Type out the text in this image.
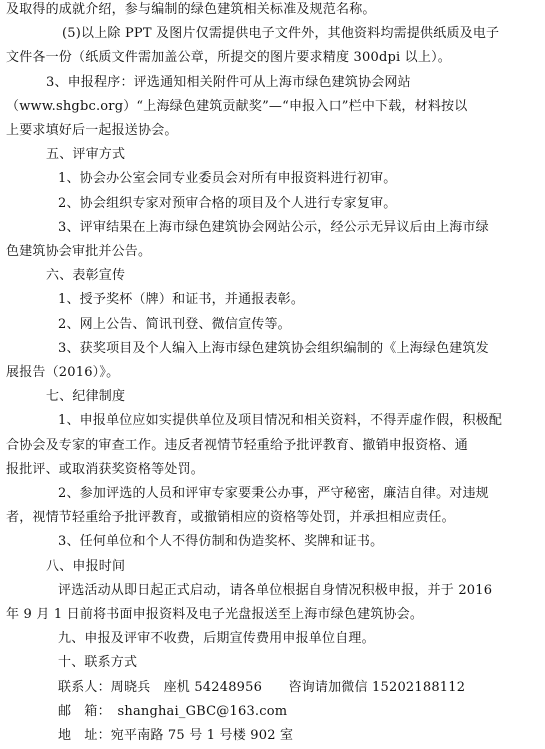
及取得的成就介绍，参与编制的绿色建筑相关标准及规范名称。
(5)以上除 PPT 及图片仅需提供电子文件外，其他资料均需提供纸质及电子
文件各一份（纸质文件需加盖公章，所提交的图片要求精度 300dpi 以上）。
3、申报程序：评选通知相关附件可从上海市绿色建筑协会网站
（www.shgbc.org）“上海绿色建筑贡献奖”—“申报入口”栏中下载，材料按以
上要求填好后一起报送协会。
五、评审方式
1、协会办公室会同专业委员会对所有申报资料进行初审。
2、协会组织专家对预审合格的项目及个人进行专家复审。
3、评审结果在上海市绿色建筑协会网站公示，经公示无异议后由上海市绿
色建筑协会审批并公告。
六、表彰宣传
1、授予奖杯（牌）和证书，并通报表彰。
2、网上公告、简讯刊登、微信宣传等。
3、获奖项目及个人编入上海市绿色建筑协会组织编制的《上海绿色建筑发
展报告（2016）》。
七、纪律制度
1、申报单位应如实提供单位及项目情况和相关资料，不得弄虚作假，积极配
合协会及专家的审查工作。违反者视情节轻重给予批评教育、撤销申报资格、通
报批评、或取消获奖资格等处罚。
2、参加评选的人员和评审专家要秉公办事，严守秘密，廉洁自律。对违规
者，视情节轻重给予批评教育，或撤销相应的资格等处罚，并承担相应责任。
3、任何单位和个人不得仿制和伪造奖杯、奖牌和证书。
八、申报时间
评选活动从即日起正式启动，请各单位根据自身情况积极申报，并于 2016
年 9 月 1 日前将书面申报资料及电子光盘报送至上海市绿色建筑协会。
九、申报及评审不收费，后期宣传费用申报单位自理。
十、联系方式
联系人：周晓兵　座机 54248956　　咨询请加微信 15202188112
邮　箱：　shanghai_GBC@163.com
地　址：宛平南路 75 号 1 号楼 902 室
